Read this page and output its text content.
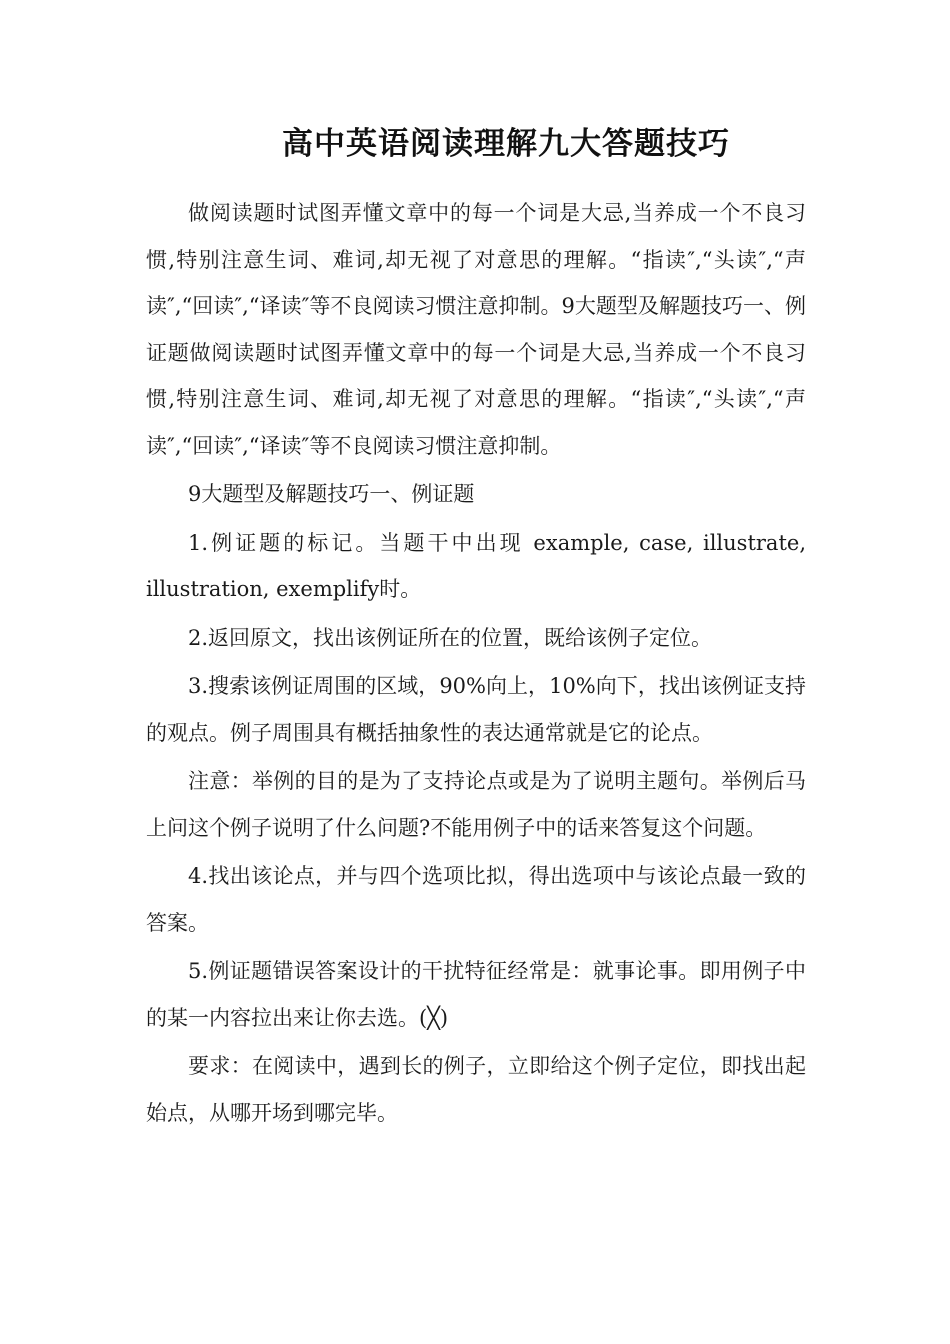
高中英语阅读理解九大答题技巧

做阅读题时试图弄懂文章中的每一个词是大忌,当养成一个不良习惯,特别注意生词、难词,却无视了对意思的理解。“指读″,“头读″,“声读″,“回读″,“译读″等不良阅读习惯注意抑制。9大题型及解题技巧一、例证题做阅读题时试图弄懂文章中的每一个词是大忌,当养成一个不良习惯,特别注意生词、难词,却无视了对意思的理解。“指读″,“头读″,“声读″,“回读″,“译读″等不良阅读习惯注意抑制。

9大题型及解题技巧一、例证题

1.例证题的标记。当题干中出现 example, case, illustrate, illustration, exemplify时。

2.返回原文，找出该例证所在的位置，既给该例子定位。

3.搜索该例证周围的区域，90%向上，10%向下，找出该例证支持的观点。例子周围具有概括抽象性的表达通常就是它的论点。

注意：举例的目的是为了支持论点或是为了说明主题句。举例后马上问这个例子说明了什么问题?不能用例子中的话来答复这个问题。

4.找出该论点，并与四个选项比拟，得出选项中与该论点最一致的答案。

5.例证题错误答案设计的干扰特征经常是：就事论事。即用例子中的某一内容拉出来让你去选。(╳)

要求：在阅读中，遇到长的例子，立即给这个例子定位，即找出起始点，从哪开场到哪完毕。
